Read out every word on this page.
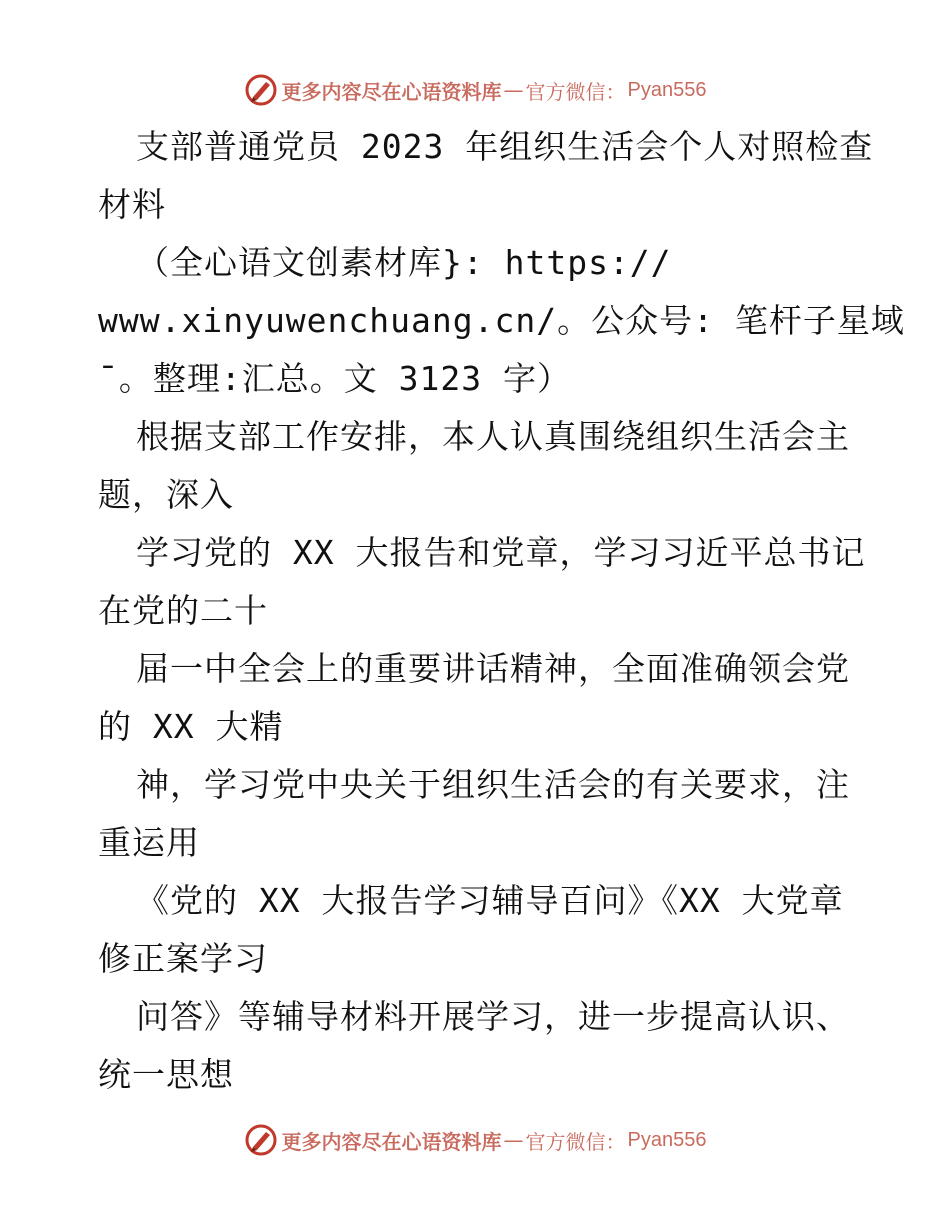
更多内容尽在心语资料库 — 官方微信： Pyan556
支部普通党员 2023 年组织生活会个人对照检查
材料
（全心语文创素材库}: https://
www.xinyuwenchuang.cn/。公众号: 笔杆子星域
¯。整理:汇总。文 3123 字）
根据支部工作安排，本人认真围绕组织生活会主
题，深入
学习党的 XX 大报告和党章，学习习近平总书记
在党的二十
届一中全会上的重要讲话精神，全面准确领会党
的 XX 大精
神，学习党中央关于组织生活会的有关要求，注
重运用
《党的 XX 大报告学习辅导百问》《XX 大党章
修正案学习
问答》等辅导材料开展学习，进一步提高认识、
统一思想
更多内容尽在心语资料库 — 官方微信： Pyan556
